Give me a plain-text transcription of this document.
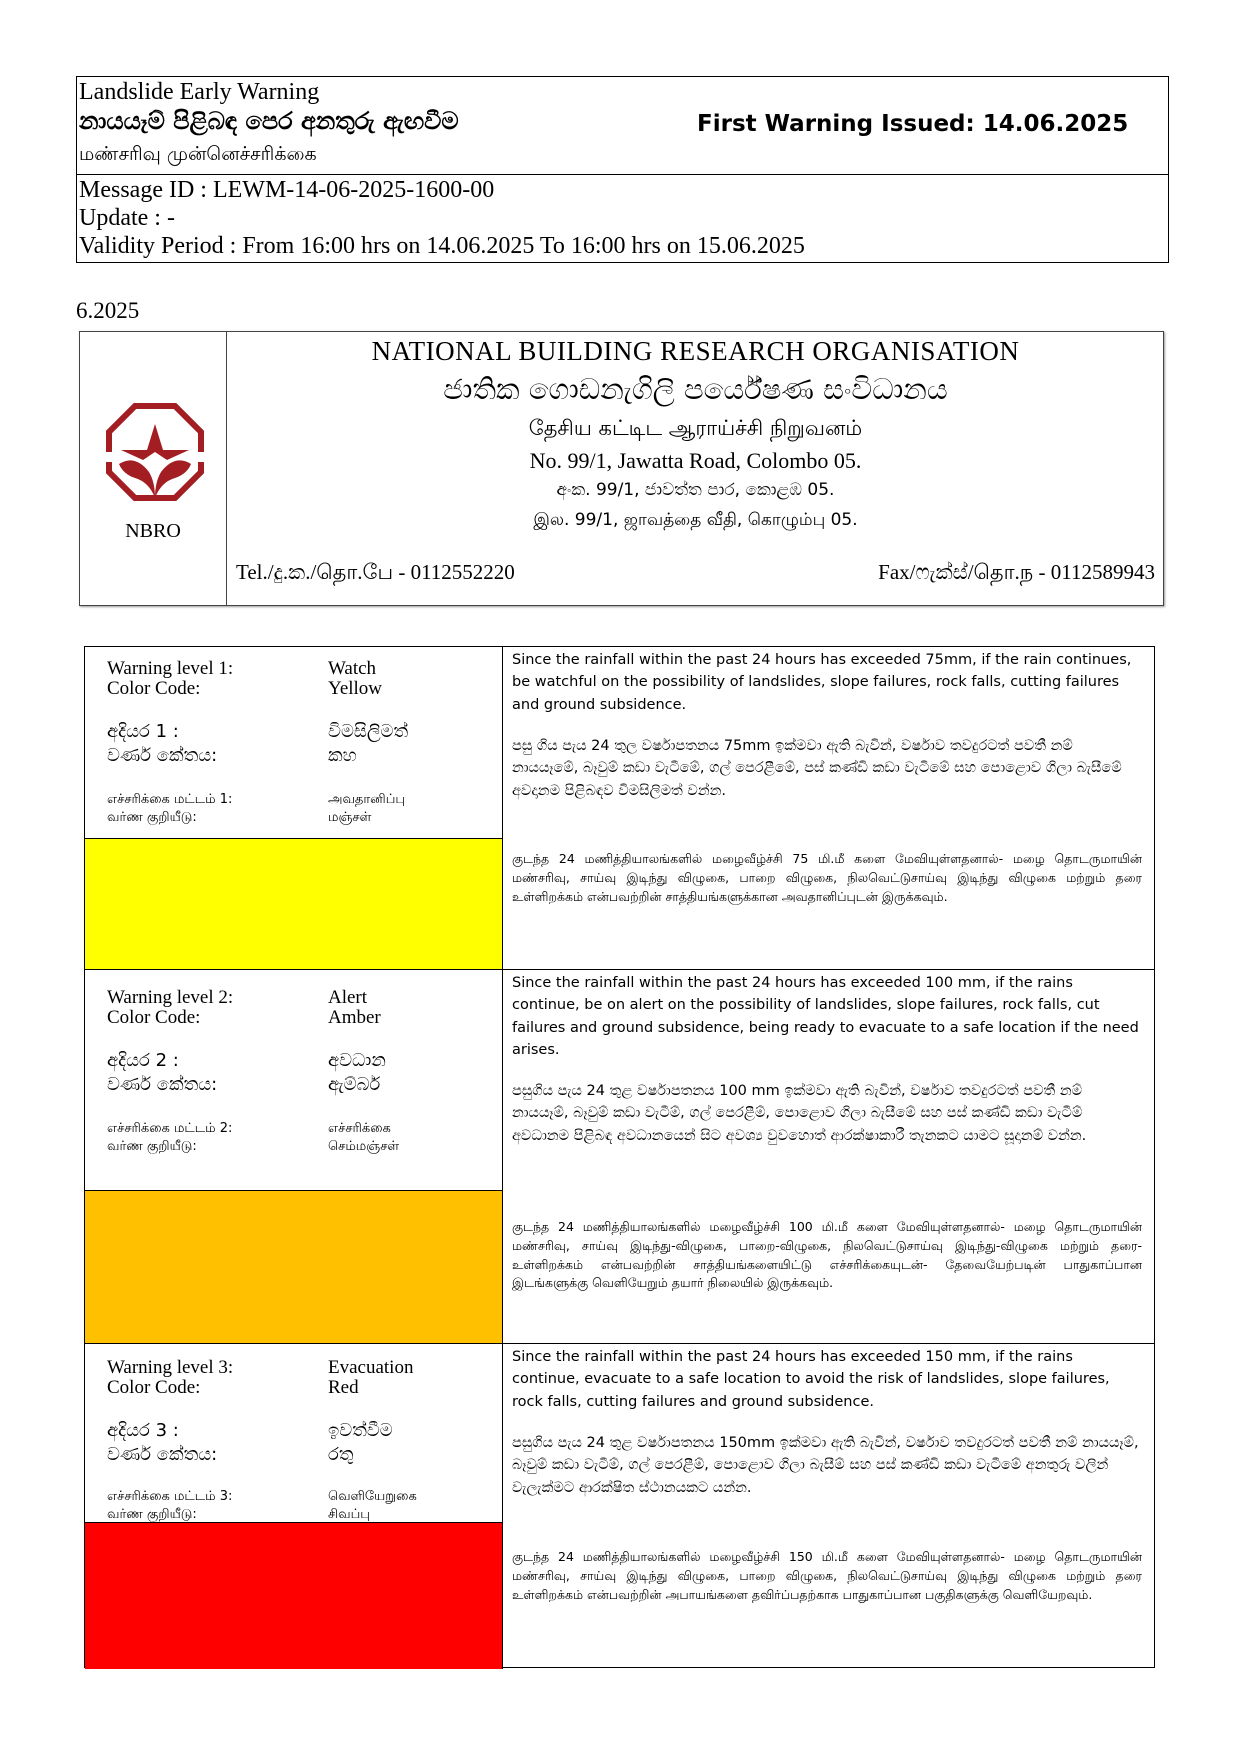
Landslide Early Warning
නායයෑම් පිළිබඳ පෙර අනතුරු ඇඟවීම
மண்சரிவு முன்னெச்சரிக்கை
First Warning Issued: 14.06.2025
Message ID : LEWM-14-06-2025-1600-00
Update : -
Validity Period : From 16:00 hrs on 14.06.2025 To 16:00 hrs on 15.06.2025
6.2025
NBRO
NATIONAL BUILDING RESEARCH ORGANISATION
ජාතික ගොඩනැගිලි පර්යේෂණ සංවිධානය
தேசிய கட்டிட ஆராய்ச்சி நிறுவனம்
No. 99/1, Jawatta Road, Colombo 05.
අංක. 99/1, ජාවත්ත පාර, කොළඹ 05.
இல. 99/1, ஜாவத்தை வீதி, கொழும்பு 05.
Tel./දු.ක./தொ.பே - 0112552220	Fax/ෆැක්ස්/தொ.ந - 0112589943
Warning level 1:
Color Code:
Watch
Yellow
අදියර 1 :
වර්ණ කේතය:
විමසිලිමත්
කහ
எச்சரிக்கை மட்டம் 1:
வர்ண குறியீடு:
அவதானிப்பு
மஞ்சள்
Since the rainfall within the past 24 hours has exceeded 75mm, if the rain continues, be watchful on the possibility of landslides, slope failures, rock falls, cutting failures and ground subsidence.
පසු ගිය පැය 24 තුල වර්ෂාපතනය 75mm ඉක්මවා ඇති බැවින්, වර්ෂාව තවදුරටත් පවතී නම් නායයෑමේ, බෑවුම් කඩා වැටීමේ, ගල් පෙරළීමේ, පස් කණ්ඩි කඩා වැටීමේ සහ පොළොව ගිලා බැසීමේ අවදානම පිළිබඳව විමසිලිමත් වන්න.
குடந்த 24 மணித்தியாலங்களில் மழைவீழ்ச்சி 75 மி.மீ களை மேவியுள்ளதனால்- மழை தொடருமாயின் மண்சரிவு, சாய்வு இடிந்து விழுகை, பாறை விழுகை, நிலவெட்டுசாய்வு இடிந்து விழுகை மற்றும் தரை உள்ளிறக்கம் என்பவற்றின் சாத்தியங்களுக்கான அவதானிப்புடன் இருக்கவும்.
Warning level 2:
Color Code:
Alert
Amber
අදියර 2 :
වර්ණ කේතය:
අවධාන
ඇම්බර්
எச்சரிக்கை மட்டம் 2:
வர்ண குறியீடு:
எச்சரிக்கை
செம்மஞ்சள்
Since the rainfall within the past 24 hours has exceeded 100 mm, if the rains continue, be on alert on the possibility of landslides, slope failures, rock falls, cut failures and ground subsidence, being ready to evacuate to a safe location if the need arises.
පසුගිය පැය 24 තුළ වර්ෂාපතනය 100 mm ඉක්මවා ඇති බැවින්, වර්ෂාව තවදුරටත් පවතී නම් නායයෑම්, බෑවුම් කඩා වැටීම්, ගල් පෙරළීම්, පොළොව ගිලා බැසීමේ සහ පස් කණ්ඩි කඩා වැටීම් අවධානම පිළිබඳ අවධානයෙන් සිට අවශ්‍ය වුවහොත් ආරක්ෂාකාරී තැනකට යාමට සූදානම් වන්න.
குடந்த 24 மணித்தியாலங்களில் மழைவீழ்ச்சி 100 மி.மீ களை மேவியுள்ளதனால்- மழை தொடருமாயின் மண்சரிவு, சாய்வு இடிந்து-விழுகை, பாறை-விழுகை, நிலவெட்டுசாய்வு இடிந்து-விழுகை மற்றும் தரை-உள்ளிறக்கம் என்பவற்றின் சாத்தியங்களையிட்டு எச்சரிக்கையுடன்- தேவையேற்படின் பாதுகாப்பான இடங்களுக்கு வெளியேறும் தயார் நிலையில் இருக்கவும்.
Warning level 3:
Color Code:
Evacuation
Red
අදියර 3 :
වර්ණ කේතය:
ඉවත්වීම
රතු
எச்சரிக்கை மட்டம் 3:
வர்ண குறியீடு:
வெளியேறுகை
சிவப்பு
Since the rainfall within the past 24 hours has exceeded 150 mm, if the rains continue, evacuate to a safe location to avoid the risk of landslides, slope failures, rock falls, cutting failures and ground subsidence.
පසුගිය පැය 24 තුළ වර්ෂාපතනය 150mm ඉක්මවා ඇති බැවින්, වර්ෂාව තවදුරටත් පවතී නම් නායයෑම්, බෑවුම් කඩා වැටීම්, ගල් පෙරළීම්, පොළොව ගිලා බැසීම් සහ පස් කණ්ඩි කඩා වැටීමේ අනතුරු වලින් වැලැක්මට ආරක්ෂිත ස්ථානයකට යන්න.
குடந்த 24 மணித்தியாலங்களில் மழைவீழ்ச்சி 150 மி.மீ களை மேவியுள்ளதனால்- மழை தொடருமாயின் மண்சரிவு, சாய்வு இடிந்து விழுகை, பாறை விழுகை, நிலவெட்டுசாய்வு இடிந்து விழுகை மற்றும் தரை உள்ளிறக்கம் என்பவற்றின் அபாயங்களை தவிர்ப்பதற்காக பாதுகாப்பான பகுதிகளுக்கு வெளியேறவும்.
